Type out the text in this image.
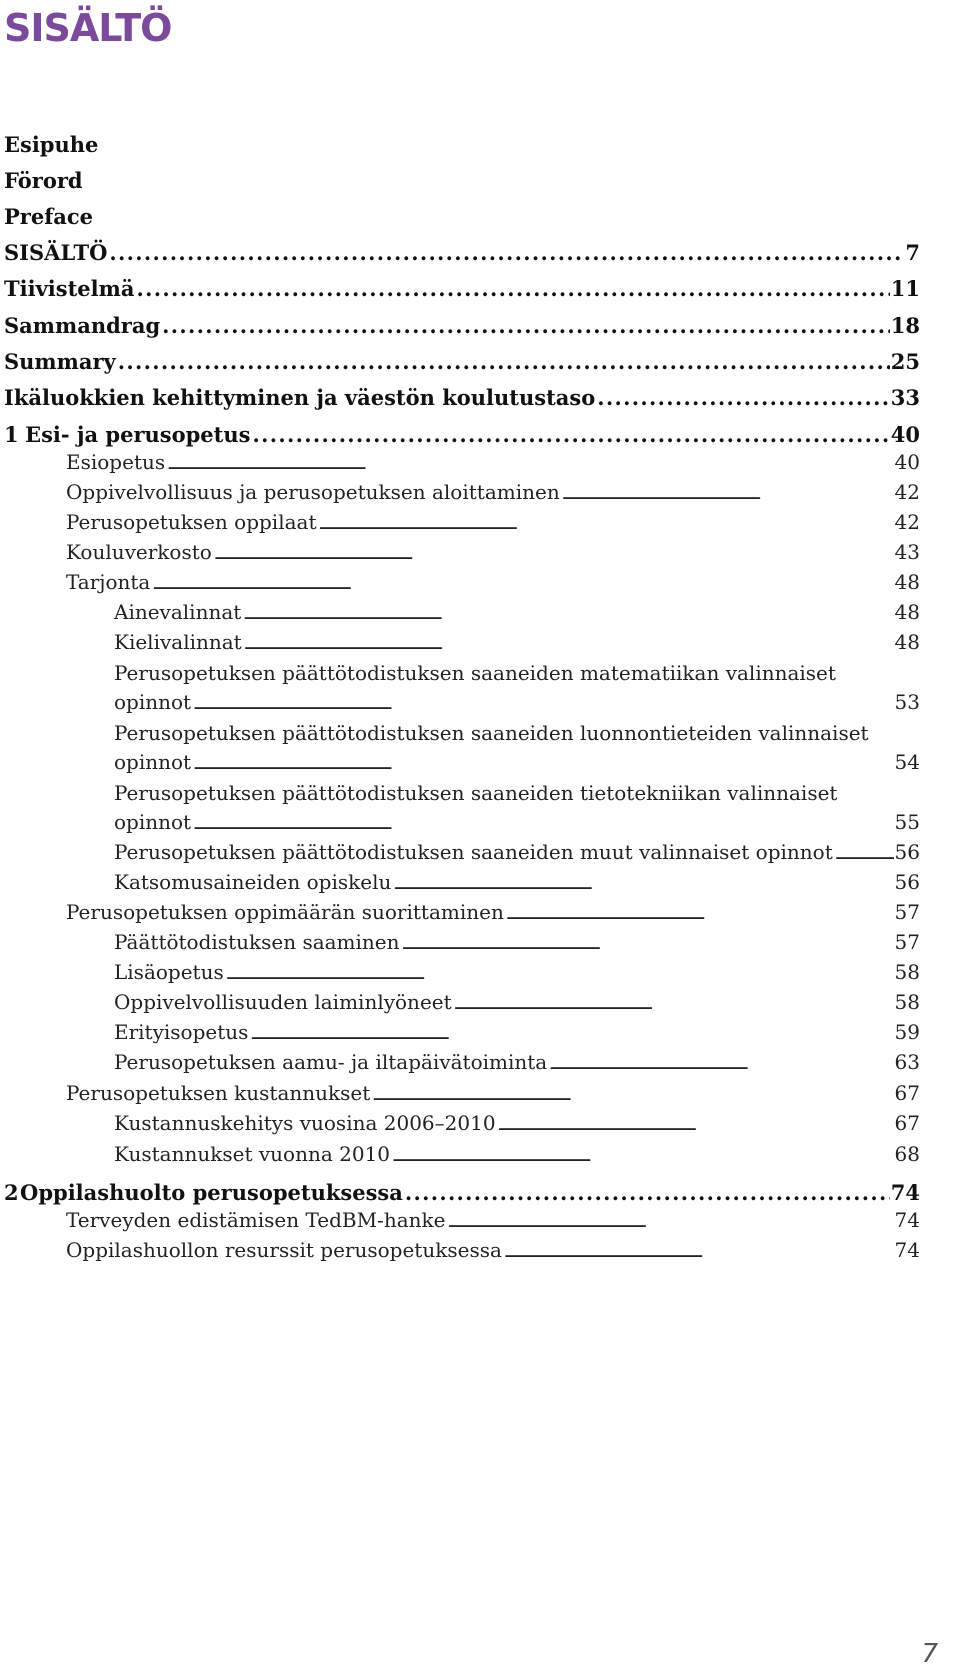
SISÄLTÖ
Esipuhe
Förord
Preface
SISÄLTÖ . . .	7
Tiivistelmä . . .	11
Sammandrag . . .	18
Summary . . .	25
Ikäluokkien kehittyminen ja väestön koulutustaso . . .	33
1 Esi- ja perusopetus . . .	40
Esiopetus . . .	40
Oppivelvollisuus ja perusopetuksen aloittaminen . . .	42
Perusopetuksen oppilaat . . .	42
Kouluverkosto . . .	43
Tarjonta . . .	48
Ainevalinnat . . .	48
Kielivalinnat . . .	48
Perusopetuksen päättötodistuksen saaneiden matematiikan valinnaiset
opinnot . . .	53
Perusopetuksen päättötodistuksen saaneiden luonnontieteiden valinnaiset
opinnot . . .	54
Perusopetuksen päättötodistuksen saaneiden tietotekniikan valinnaiset
opinnot . . .	55
Perusopetuksen päättötodistuksen saaneiden muut valinnaiset opinnot . . .	56
Katsomusaineiden opiskelu . . .	56
Perusopetuksen oppimäärän suorittaminen . . .	57
Päättötodistuksen saaminen . . .	57
Lisäopetus . . .	58
Oppivelvollisuuden laiminlyöneet . . .	58
Erityisopetus . . .	59
Perusopetuksen aamu- ja iltapäivätoiminta . . .	63
Perusopetuksen kustannukset . . .	67
Kustannuskehitys vuosina 2006–2010 . . .	67
Kustannukset vuonna 2010 . . .	68
2 Oppilashuolto perusopetuksessa . . .	74
Terveyden edistämisen TedBM-hanke . . .	74
Oppilashuollon resurssit perusopetuksessa . . .	74
7
